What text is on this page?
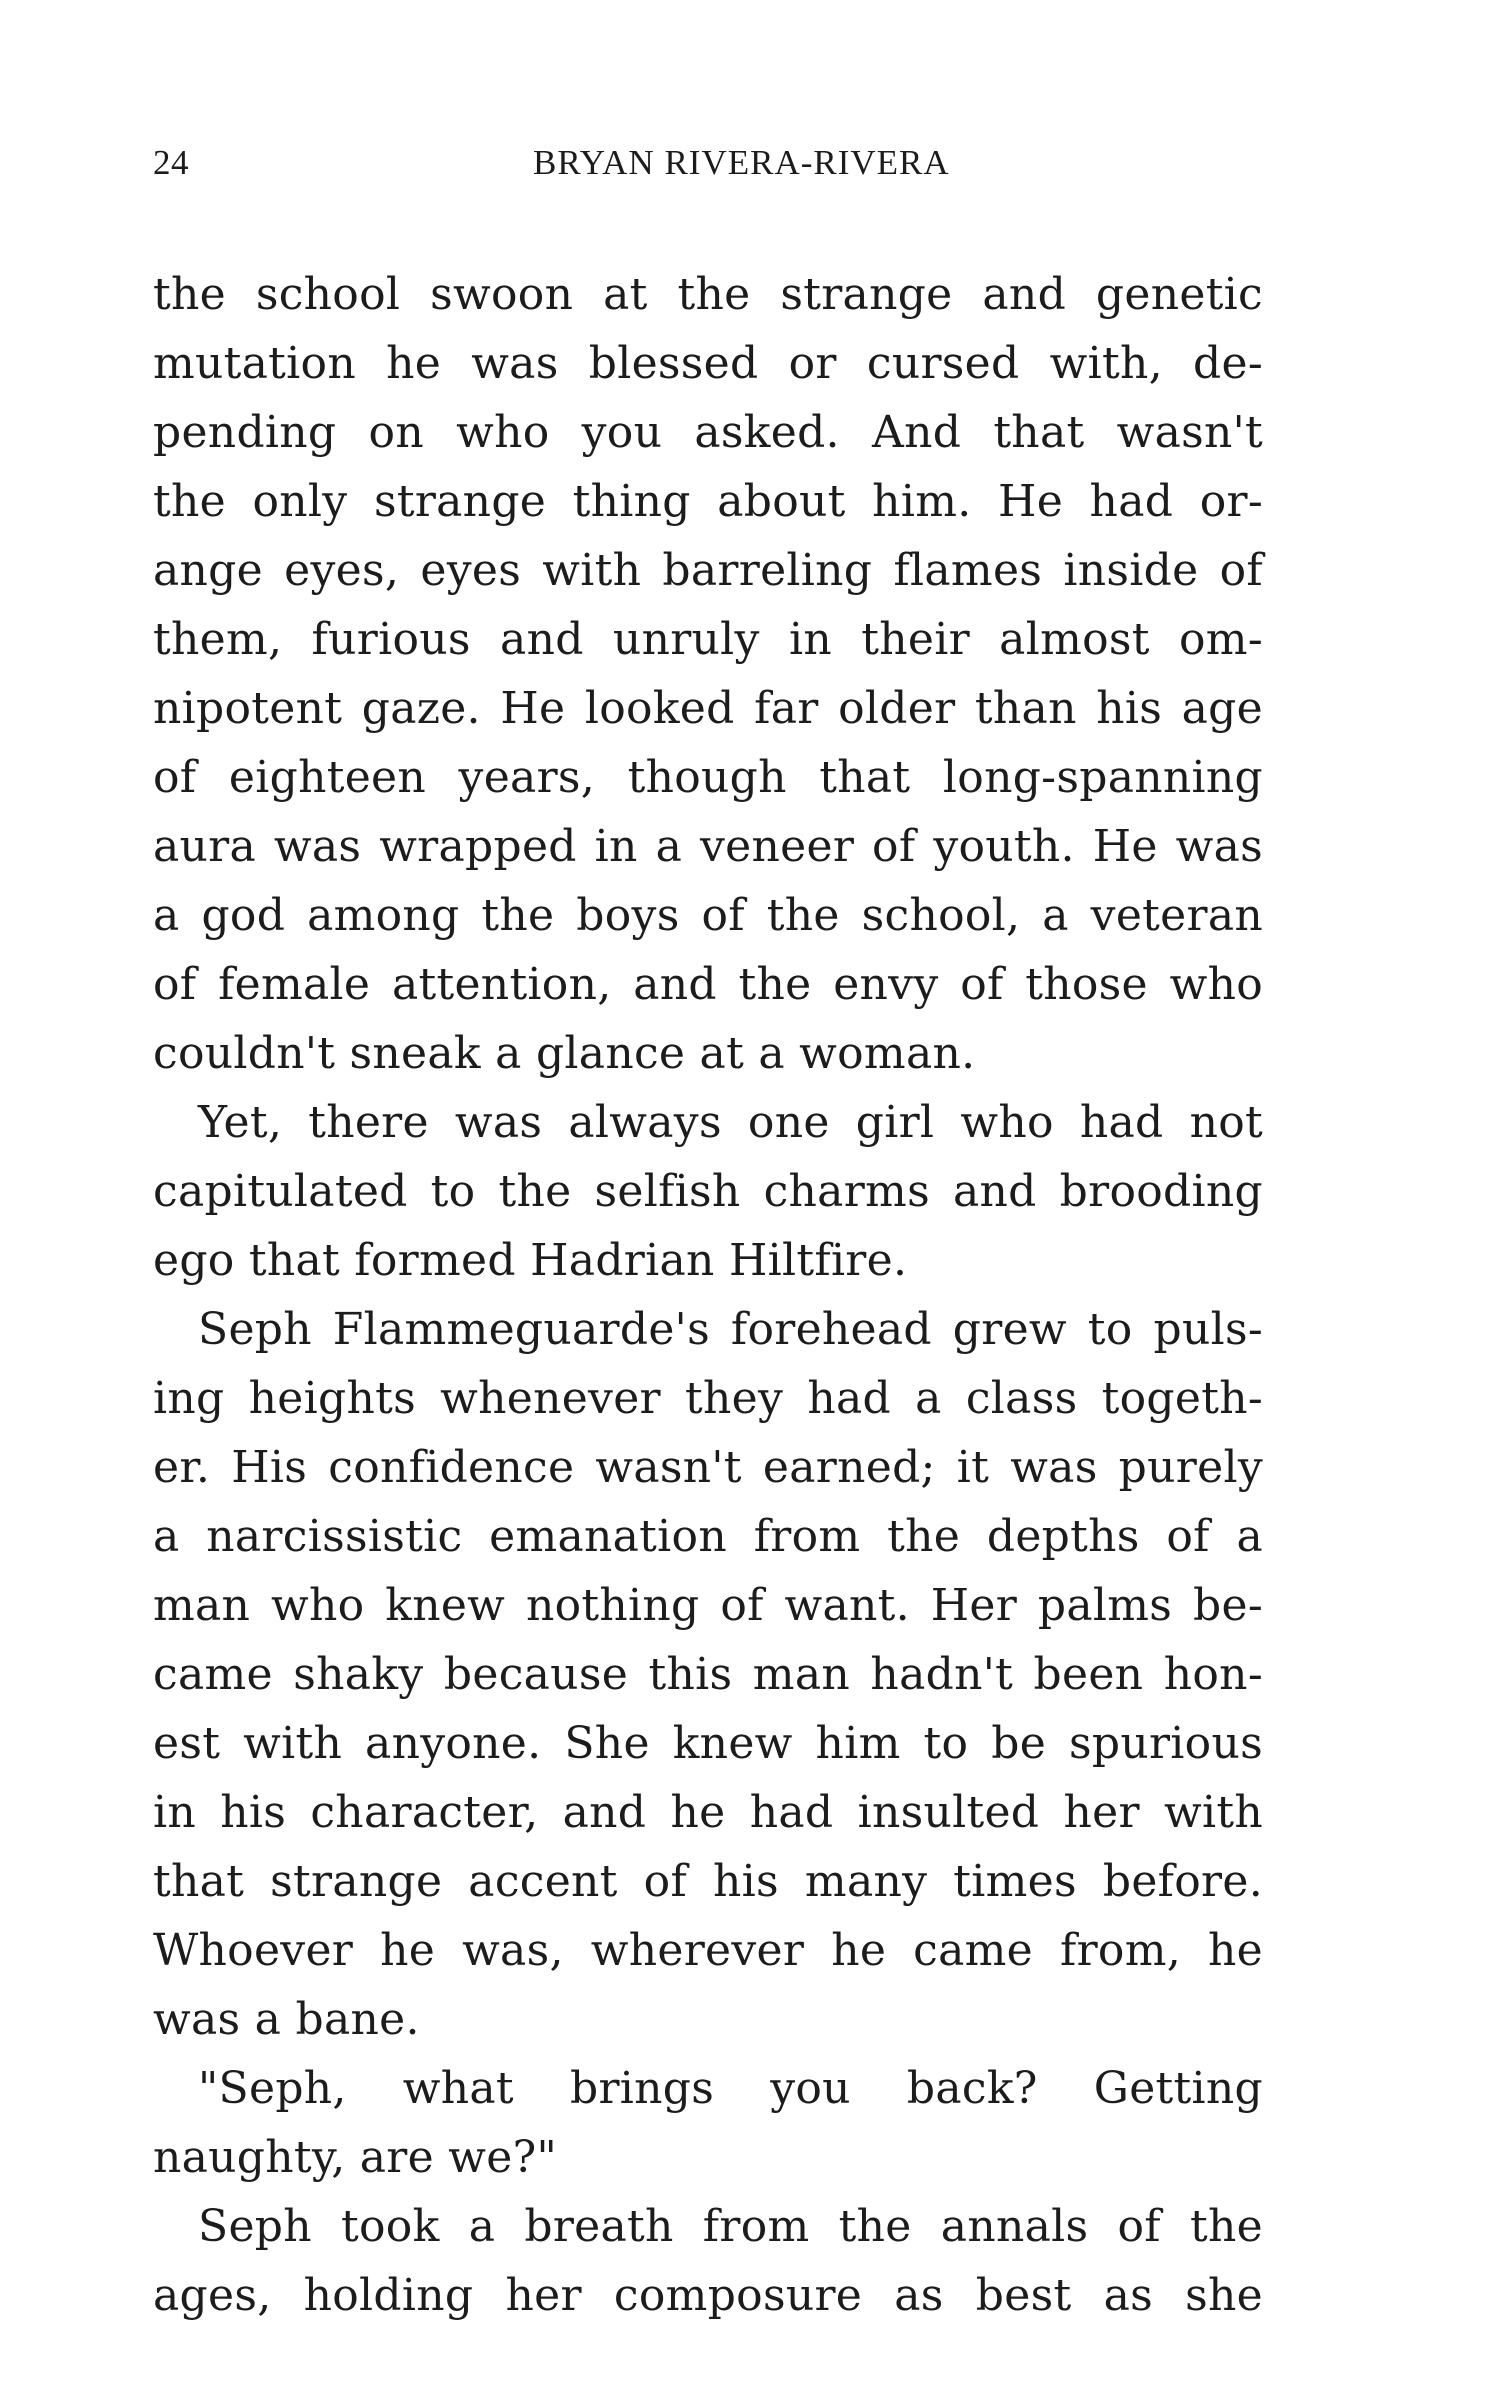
24	BRYAN RIVERA-RIVERA
the school swoon at the strange and genetic
mutation he was blessed or cursed with, de-
pending on who you asked. And that wasn't
the only strange thing about him. He had or-
ange eyes, eyes with barreling flames inside of
them, furious and unruly in their almost om-
nipotent gaze. He looked far older than his age
of eighteen years, though that long-spanning
aura was wrapped in a veneer of youth. He was
a god among the boys of the school, a veteran
of female attention, and the envy of those who
couldn't sneak a glance at a woman.
Yet, there was always one girl who had not
capitulated to the selfish charms and brooding
ego that formed Hadrian Hiltfire.
Seph Flammeguarde's forehead grew to puls-
ing heights whenever they had a class togeth-
er. His confidence wasn't earned; it was purely
a narcissistic emanation from the depths of a
man who knew nothing of want. Her palms be-
came shaky because this man hadn't been hon-
est with anyone. She knew him to be spurious
in his character, and he had insulted her with
that strange accent of his many times before.
Whoever he was, wherever he came from, he
was a bane.
"Seph, what brings you back? Getting
naughty, are we?"
Seph took a breath from the annals of the
ages, holding her composure as best as she
